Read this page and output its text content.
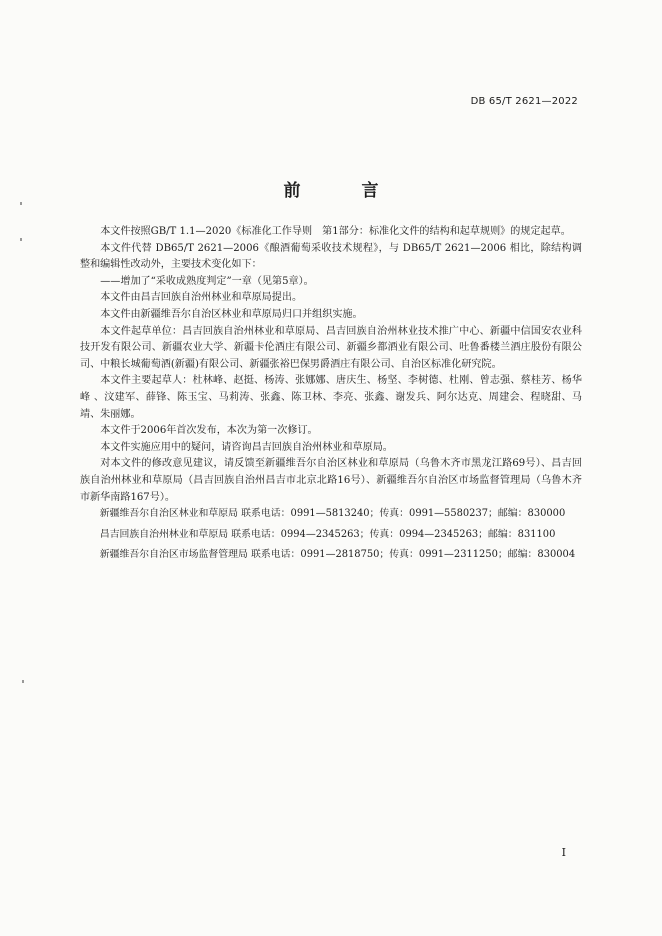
DB 65/T 2621—2022
前　言

本文件按照GB/T 1.1—2020《标准化工作导则　第1部分：标准化文件的结构和起草规则》的规定起草。

本文件代替 DB65/T 2621—2006《酿酒葡萄采收技术规程》，与 DB65/T 2621—2006 相比，除结构调整和编辑性改动外，主要技术变化如下：

——增加了“采收成熟度判定”一章（见第5章）。

本文件由昌吉回族自治州林业和草原局提出。

本文件由新疆维吾尔自治区林业和草原局归口并组织实施。

本文件起草单位：昌吉回族自治州林业和草原局、昌吉回族自治州林业技术推广中心、新疆中信国安农业科技开发有限公司、新疆农业大学、新疆卡伦酒庄有限公司、新疆乡都酒业有限公司、吐鲁番楼兰酒庄股份有限公司、中粮长城葡萄酒(新疆)有限公司、新疆张裕巴保男爵酒庄有限公司、自治区标准化研究院。

本文件主要起草人：杜林峰、赵挺、杨涛、张娜娜、唐庆生、杨坚、李树德、杜刚、曾志强、蔡桂芳、杨华峰 、汶建军、薛锋、陈玉宝、马莉涛、张鑫、陈卫林、李亮、张鑫、谢发兵、阿尔达克、周建会、程晓甜、马靖、朱丽娜。

本文件于2006年首次发布，本次为第一次修订。

本文件实施应用中的疑问，请咨询昌吉回族自治州林业和草原局。

对本文件的修改意见建议，请反馈至新疆维吾尔自治区林业和草原局（乌鲁木齐市黑龙江路69号）、昌吉回族自治州林业和草原局（昌吉回族自治州昌吉市北京北路16号）、新疆维吾尔自治区市场监督管理局（乌鲁木齐市新华南路167号）。

新疆维吾尔自治区林业和草原局 联系电话：0991—5813240；传真：0991—5580237；邮编：830000

昌吉回族自治州林业和草原局 联系电话：0994—2345263；传真：0994—2345263；邮编：831100

新疆维吾尔自治区市场监督管理局 联系电话：0991—2818750；传真：0991—2311250；邮编：830004

I
